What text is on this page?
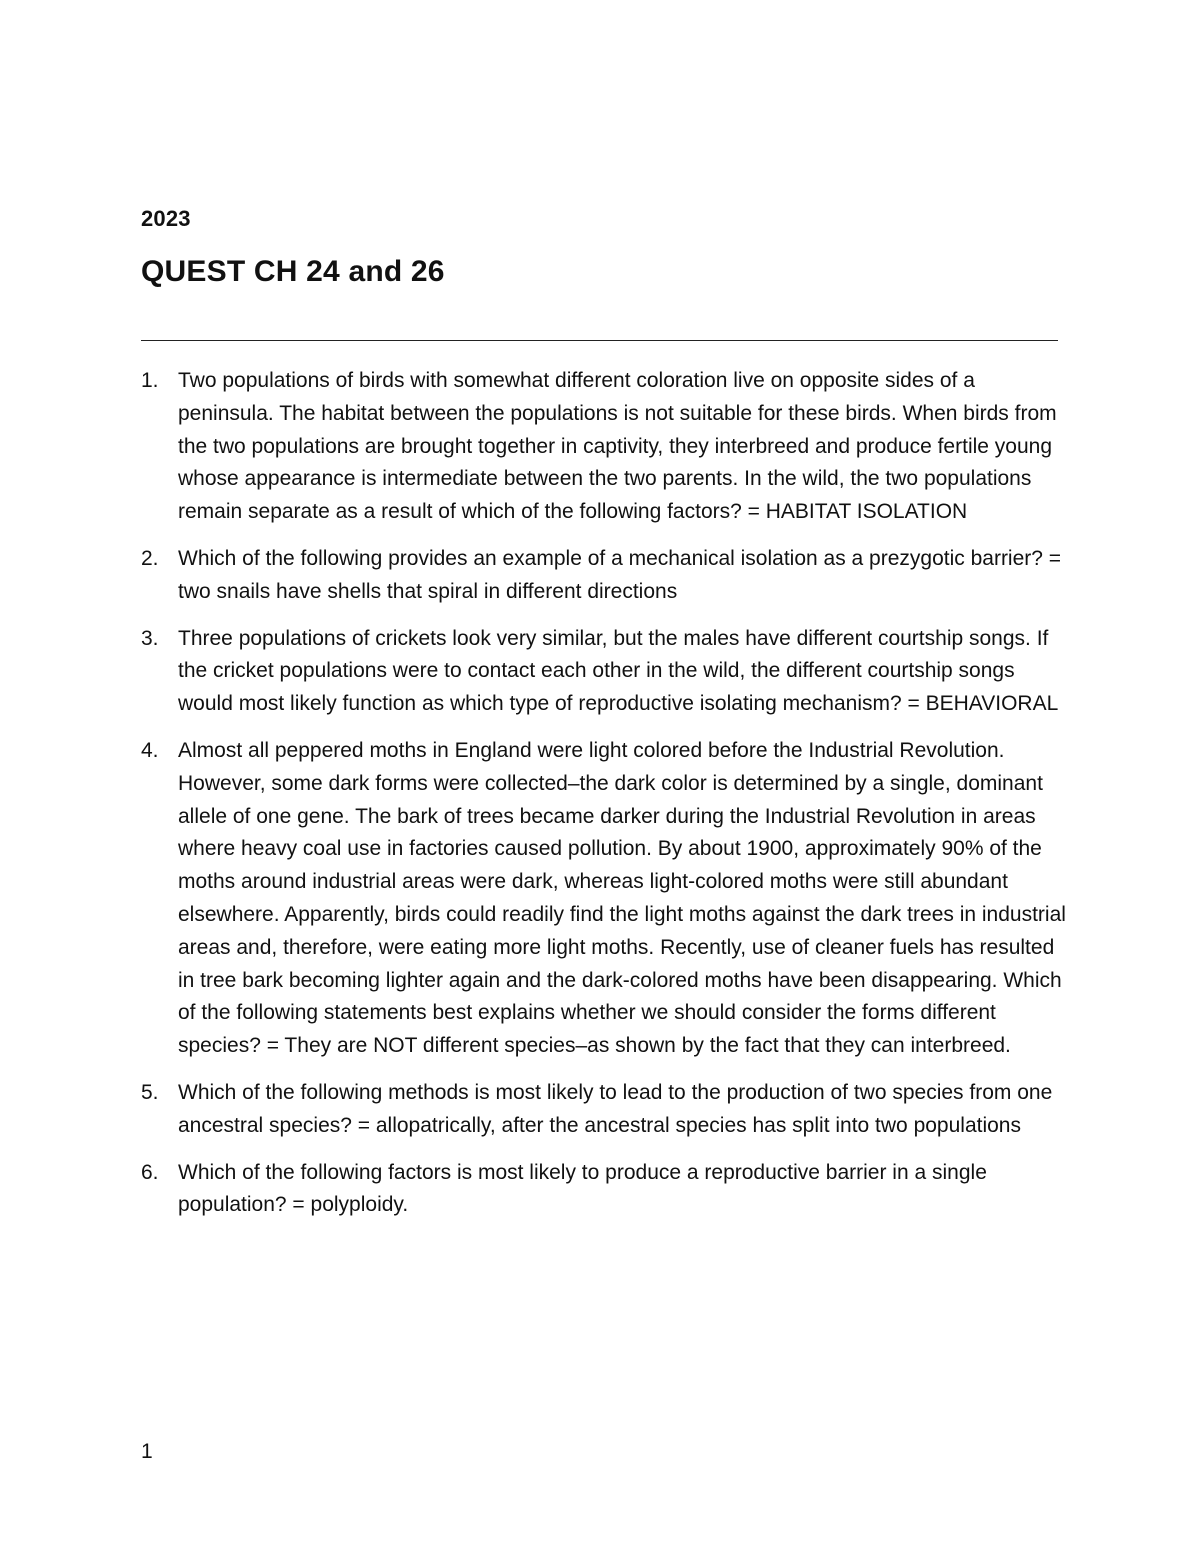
2023
QUEST CH 24 and 26
1. Two populations of birds with somewhat different coloration live on opposite sides of a peninsula. The habitat between the populations is not suitable for these birds. When birds from the two populations are brought together in captivity, they interbreed and produce fertile young whose appearance is intermediate between the two parents. In the wild, the two populations remain separate as a result of which of the following factors? = HABITAT ISOLATION
2. Which of the following provides an example of a mechanical isolation as a prezygotic barrier? = two snails have shells that spiral in different directions
3. Three populations of crickets look very similar, but the males have different courtship songs. If the cricket populations were to contact each other in the wild, the different courtship songs would most likely function as which type of reproductive isolating mechanism? = BEHAVIORAL
4. Almost all peppered moths in England were light colored before the Industrial Revolution. However, some dark forms were collected–the dark color is determined by a single, dominant allele of one gene. The bark of trees became darker during the Industrial Revolution in areas where heavy coal use in factories caused pollution. By about 1900, approximately 90% of the moths around industrial areas were dark, whereas light-colored moths were still abundant elsewhere. Apparently, birds could readily find the light moths against the dark trees in industrial areas and, therefore, were eating more light moths. Recently, use of cleaner fuels has resulted in tree bark becoming lighter again and the dark-colored moths have been disappearing. Which of the following statements best explains whether we should consider the forms different species? = They are NOT different species–as shown by the fact that they can interbreed.
5. Which of the following methods is most likely to lead to the production of two species from one ancestral species? = allopatrically, after the ancestral species has split into two populations
6. Which of the following factors is most likely to produce a reproductive barrier in a single population? = polyploidy.
1
